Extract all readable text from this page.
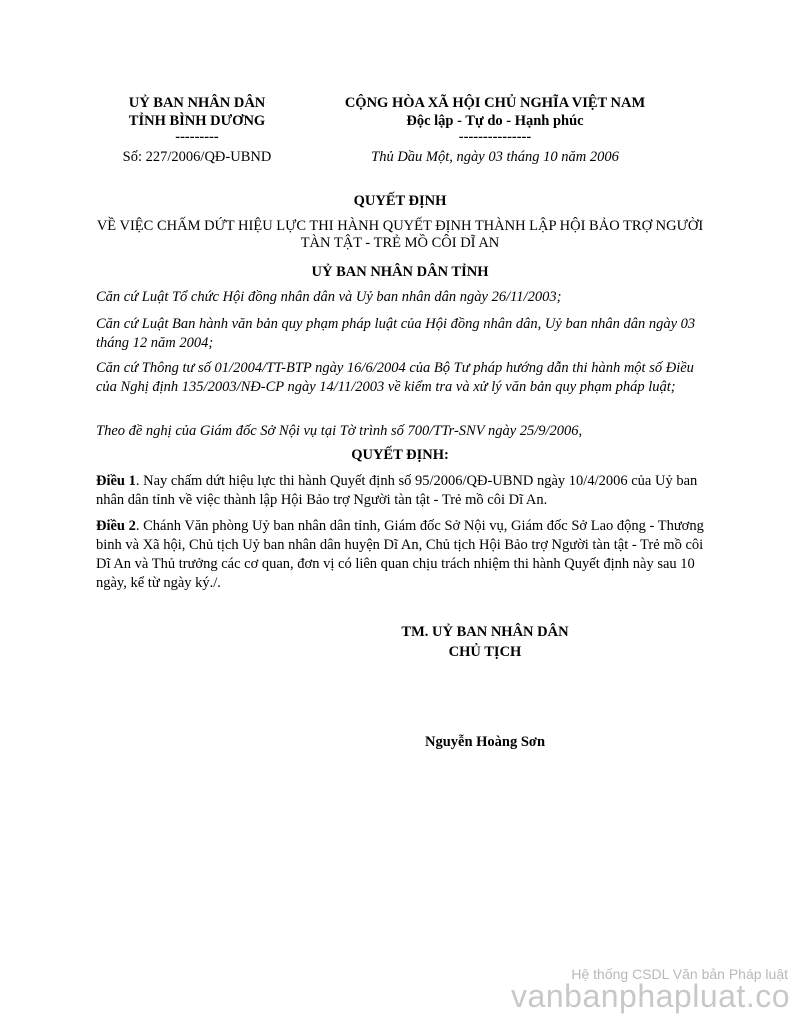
UỶ BAN NHÂN DÂN
TỈNH BÌNH DƯƠNG
---------
Số: 227/2006/QĐ-UBND
CỘNG HÒA XÃ HỘI CHỦ NGHĨA VIỆT NAM
Độc lập - Tự do - Hạnh phúc
---------------
Thủ Dầu Một, ngày 03 tháng 10 năm 2006
QUYẾT ĐỊNH
VỀ VIỆC CHẤM DỨT HIỆU LỰC THI HÀNH QUYẾT ĐỊNH THÀNH LẬP HỘI BẢO TRỢ NGƯỜI TÀN TẬT - TRẺ MỒ CÔI DĨ AN
UỶ BAN NHÂN DÂN TỈNH
Căn cứ Luật Tổ chức Hội đồng nhân dân và Uỷ ban nhân dân ngày 26/11/2003;
Căn cứ Luật Ban hành văn bản quy phạm pháp luật của Hội đồng nhân dân, Uỷ ban nhân dân ngày 03 tháng 12 năm 2004;
Căn cứ Thông tư số 01/2004/TT-BTP ngày 16/6/2004 của Bộ Tư pháp hướng dẫn thi hành một số Điều của Nghị định 135/2003/NĐ-CP ngày 14/11/2003 về kiểm tra và xử lý văn bản quy phạm pháp luật;
Theo đề nghị của Giám đốc Sở Nội vụ tại Tờ trình số 700/TTr-SNV ngày 25/9/2006,
QUYẾT ĐỊNH:
Điều 1. Nay chấm dứt hiệu lực thi hành Quyết định số 95/2006/QĐ-UBND ngày 10/4/2006 của Uỷ ban nhân dân tỉnh về việc thành lập Hội Bảo trợ Người tàn tật - Trẻ mồ côi Dĩ An.
Điều 2. Chánh Văn phòng Uỷ ban nhân dân tỉnh, Giám đốc Sở Nội vụ, Giám đốc Sở Lao động - Thương binh và Xã hội, Chủ tịch Uỷ ban nhân dân huyện Dĩ An, Chủ tịch Hội Bảo trợ Người tàn tật - Trẻ mồ côi Dĩ An và Thủ trưởng các cơ quan, đơn vị có liên quan chịu trách nhiệm thi hành Quyết định này sau 10 ngày, kể từ ngày ký./.
TM. UỶ BAN NHÂN DÂN
CHỦ TỊCH
Nguyễn Hoàng Sơn
Hệ thống CSDL Văn bản Pháp luật
vanbanphapluat.co
